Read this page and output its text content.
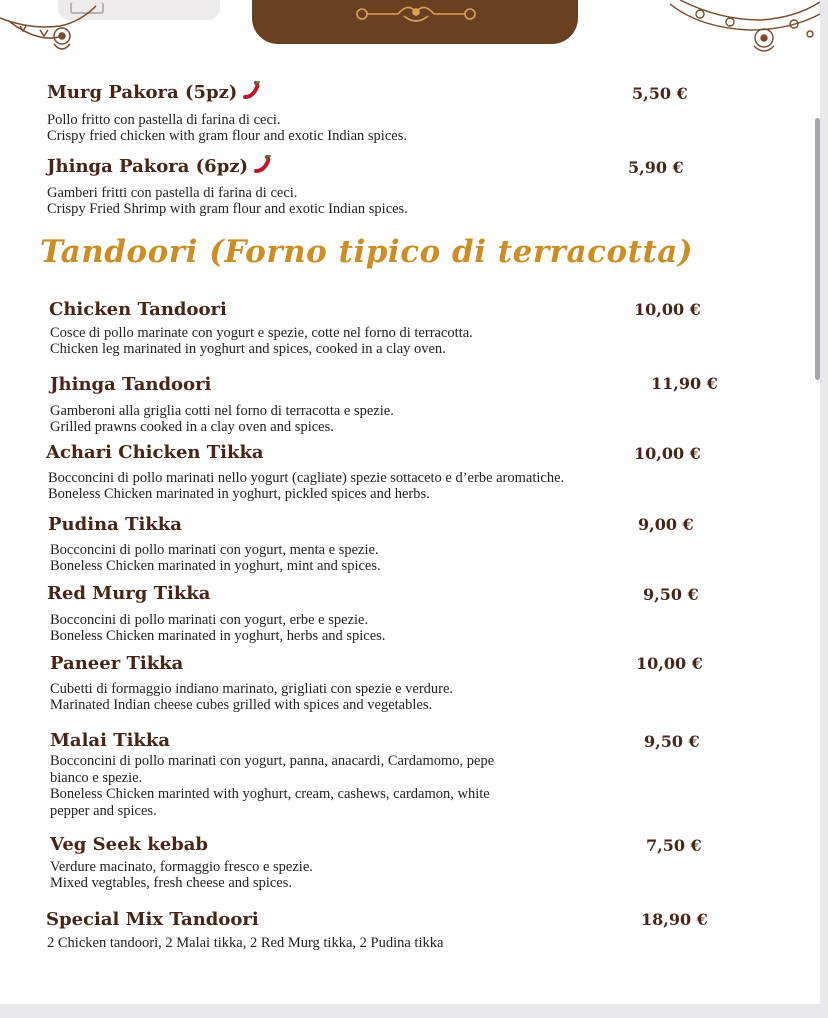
Tandoori (Forno tipico di terracotta)
Murg Pakora (5pz)	5,50 €
Pollo fritto con pastella di farina di ceci.
Crispy fried chicken with gram flour and exotic Indian spices.
Jhinga Pakora (6pz)	5,90 €
Gamberi fritti con pastella di farina di ceci.
Crispy Fried Shrimp with gram flour and exotic Indian spices.
Chicken Tandoori	10,00 €
Cosce di pollo marinate con yogurt e spezie, cotte nel forno di terracotta.
Chicken leg marinated in yoghurt and spices, cooked in a clay oven.
Jhinga Tandoori	11,90 €
Gamberoni alla griglia cotti nel forno di terracotta e spezie.
Grilled prawns cooked in a clay oven and spices.
Achari Chicken Tikka	10,00 €
Bocconcini di pollo marinati nello yogurt (cagliate) spezie sottaceto e d’erbe aromatiche.
Boneless Chicken marinated in yoghurt, pickled spices and herbs.
Pudina Tikka	9,00 €
Bocconcini di pollo marinati con yogurt, menta e spezie.
Boneless Chicken marinated in yoghurt, mint and spices.
Red Murg Tikka	9,50 €
Bocconcini di pollo marinati con yogurt, erbe e spezie.
Boneless Chicken marinated in yoghurt, herbs and spices.
Paneer Tikka	10,00 €
Cubetti di formaggio indiano marinato, grigliati con spezie e verdure.
Marinated Indian cheese cubes grilled with spices and vegetables.
Malai Tikka	9,50 €
Bocconcini di pollo marinati con yogurt, panna, anacardi, Cardamomo, pepe
bianco e spezie.
Boneless Chicken marinted with yoghurt, cream, cashews, cardamon, white
pepper and spices.
Veg Seek kebab	7,50 €
Verdure macinato, formaggio fresco e spezie.
Mixed vegtables, fresh cheese and spices.
Special Mix Tandoori	18,90 €
2 Chicken tandoori, 2 Malai tikka, 2 Red Murg tikka, 2 Pudina tikka
